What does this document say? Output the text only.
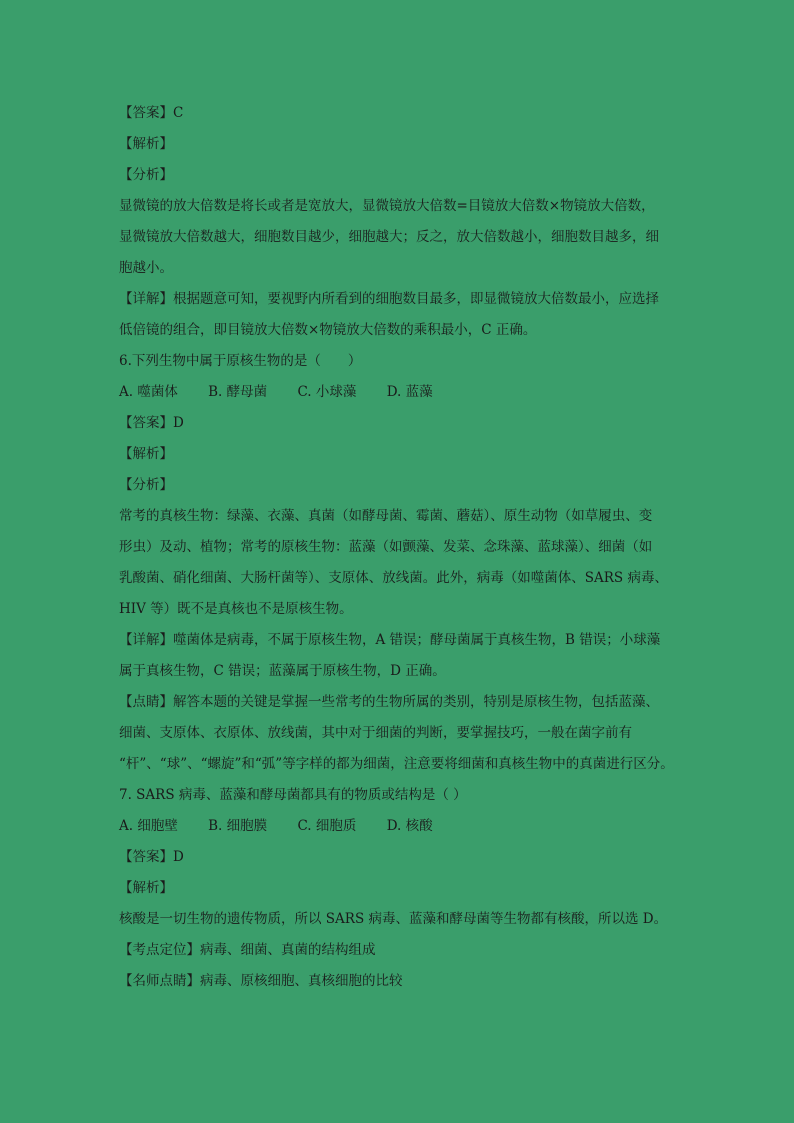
【答案】C
【解析】
【分析】
显微镜的放大倍数是将长或者是宽放大，显微镜放大倍数=目镜放大倍数×物镜放大倍数，
显微镜放大倍数越大，细胞数目越少，细胞越大；反之，放大倍数越小，细胞数目越多，细
胞越小。
【详解】根据题意可知，要视野内所看到的细胞数目最多，即显微镜放大倍数最小，应选择
低倍镜的组合，即目镜放大倍数×物镜放大倍数的乘积最小，C 正确。
6.下列生物中属于原核生物的是（　　）
A. 噬菌体 B. 酵母菌 C. 小球藻 D. 蓝藻
【答案】D
【解析】
【分析】
常考的真核生物：绿藻、衣藻、真菌（如酵母菌、霉菌、蘑菇）、原生动物（如草履虫、变
形虫）及动、植物；常考的原核生物：蓝藻（如颤藻、发菜、念珠藻、蓝球藻）、细菌（如
乳酸菌、硝化细菌、大肠杆菌等）、支原体、放线菌。此外，病毒（如噬菌体、SARS 病毒、
HIV 等）既不是真核也不是原核生物。
【详解】噬菌体是病毒，不属于原核生物，A 错误；酵母菌属于真核生物，B 错误；小球藻
属于真核生物，C 错误；蓝藻属于原核生物，D 正确。
【点睛】解答本题的关键是掌握一些常考的生物所属的类别，特别是原核生物，包括蓝藻、
细菌、支原体、衣原体、放线菌，其中对于细菌的判断，要掌握技巧，一般在菌字前有
“杆”、“球”、“螺旋”和“弧”等字样的都为细菌，注意要将细菌和真核生物中的真菌进行区分。
7. SARS 病毒、蓝藻和酵母菌都具有的物质或结构是（ ）
A. 细胞壁 B. 细胞膜 C. 细胞质 D. 核酸
【答案】D
【解析】
核酸是一切生物的遗传物质，所以 SARS 病毒、蓝藻和酵母菌等生物都有核酸，所以选 D。
【考点定位】病毒、细菌、真菌的结构组成
【名师点睛】病毒、原核细胞、真核细胞的比较
